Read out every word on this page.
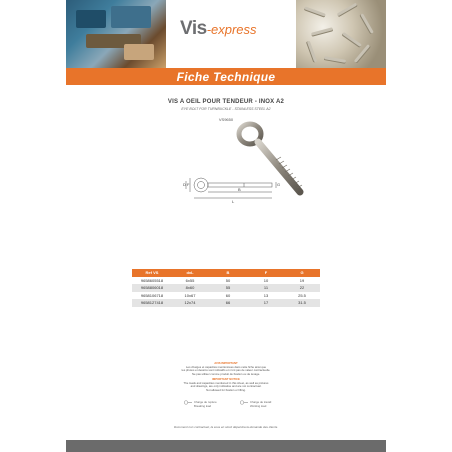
Vis-express
Fiche Technique
VIS A OEIL POUR TENDEUR - INOX A2
EYE BOLT FOR TURNBUCKLE - STAINLESS STEEL A2
VS9650
B
F
D	G
L
Ref VS	dxL	B	F	G
9658605518	6x55	50	10	19
9658806018	8x60	55	11	22
9658106718	10x67	60	13	25.5
9658127418	12x74	66	17	31.5
AVIS IMPORTANT
Les charges et capacités mentionnées dans cette fiche ainsi que
les photos et dessins sont indicatifs et n'ont pas de valeur contractuelle.
Ne pas utiliser comme produit de fixation ou de levage.
IMPORTANT NOTICE
The loads and capacities mentioned in this sheet, as well as pictures
and drawings, are only indicative and are not contractual.
Not allowed for fixation or lifting.
Charge de rupture
Breaking load
Charge de travail
Working load
Document non contractuel, la sous en stock dépendra la demande des clients.
